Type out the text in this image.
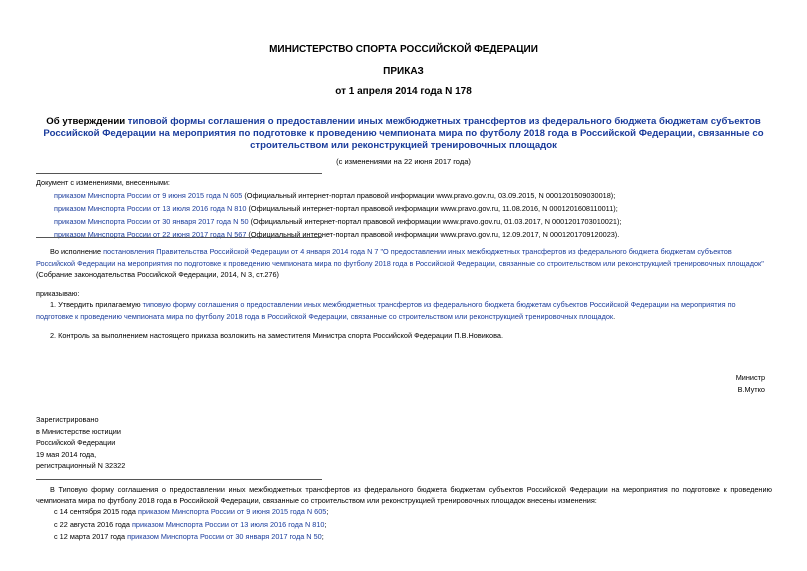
МИНИСТЕРСТВО СПОРТА РОССИЙСКОЙ ФЕДЕРАЦИИ
ПРИКАЗ
от 1 апреля 2014 года N 178
Об утверждении типовой формы соглашения о предоставлении иных межбюджетных трансфертов из федерального бюджета бюджетам субъектов Российской Федерации на мероприятия по подготовке к проведению чемпионата мира по футболу 2018 года в Российской Федерации, связанные со строительством или реконструкцией тренировочных площадок
(с изменениями на 22 июня 2017 года)
Документ с изменениями, внесенными:
приказом Минспорта России от 9 июня 2015 года N 605 (Официальный интернет-портал правовой информации www.pravo.gov.ru, 03.09.2015, N 0001201509030018);
приказом Минспорта России от 13 июля 2016 года N 810 (Официальный интернет-портал правовой информации www.pravo.gov.ru, 11.08.2016, N 0001201608110011);
приказом Минспорта России от 30 января 2017 года N 50 (Официальный интернет-портал правовой информации www.pravo.gov.ru, 01.03.2017, N 0001201703010021);
приказом Минспорта России от 22 июня 2017 года N 567 (Официальный интернет-портал правовой информации www.pravo.gov.ru, 12.09.2017, N 0001201709120023).
Во исполнение постановления Правительства Российской Федерации от 4 января 2014 года N 7 "О предоставлении иных межбюджетных трансфертов из федерального бюджета бюджетам субъектов Российской Федерации на мероприятия по подготовке к проведению чемпионата мира по футболу 2018 года в Российской Федерации, связанные со строительством или реконструкцией тренировочных площадок" (Собрание законодательства Российской Федерации, 2014, N 3, ст.276)
приказываю:
1. Утвердить прилагаемую типовую форму соглашения о предоставлении иных межбюджетных трансфертов из федерального бюджета бюджетам субъектов Российской Федерации на мероприятия по подготовке к проведению чемпионата мира по футболу 2018 года в Российской Федерации, связанные со строительством или реконструкцией тренировочных площадок.
2. Контроль за выполнением настоящего приказа возложить на заместителя Министра спорта Российской Федерации П.В.Новикова.
Министр
В.Мутко
Зарегистрировано
в Министерстве юстиции
Российской Федерации
19 мая 2014 года,
регистрационный N 32322
В Типовую форму соглашения о предоставлении иных межбюджетных трансфертов из федерального бюджета бюджетам субъектов Российской Федерации на мероприятия по подготовке к проведению чемпионата мира по футболу 2018 года в Российской Федерации, связанные со строительством или реконструкцией тренировочных площадок внесены изменения:
с 14 сентября 2015 года приказом Минспорта России от 9 июня 2015 года N 605;
с 22 августа 2016 года приказом Минспорта России от 13 июля 2016 года N 810;
с 12 марта 2017 года приказом Минспорта России от 30 января 2017 года N 50;
